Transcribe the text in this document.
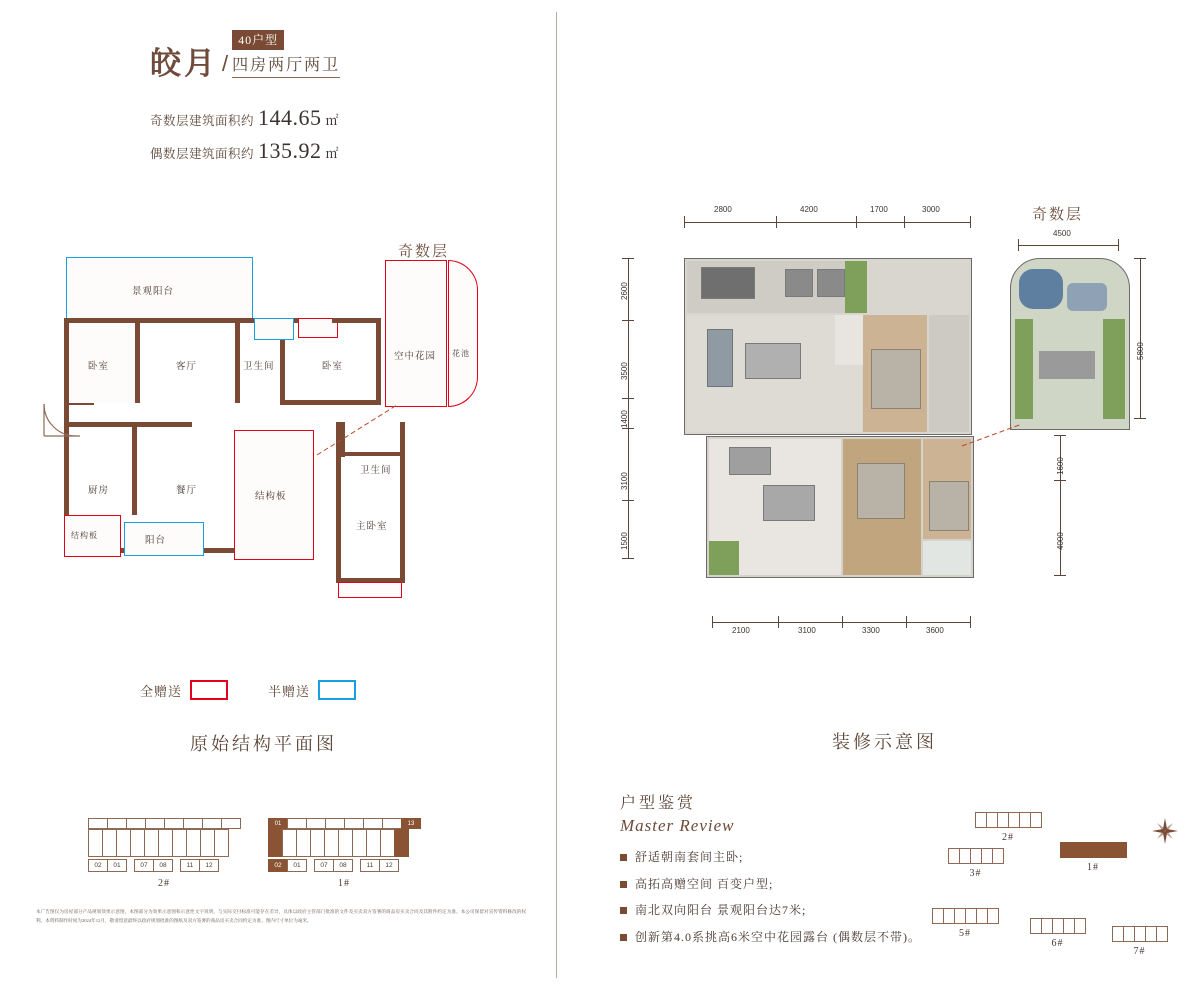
皎月 /
40户型
四房两厅两卫
奇数层建筑面积约 144.65 ㎡
偶数层建筑面积约 135.92 ㎡
奇数层
景观阳台
卧室	客厅	卫生间	卧室
空中花园 花池
厨房	餐厅
结构板
卫生间
结构板
阳台
主卧室
全赠送	半赠送
原始结构平面图
02	01	07	08	11	12
2#
01	13
02	01	07	08	11	12
1#
本广告图仅为房屋部分产品规划效果示意图，本图部分为效果示意图和示意性文字说明，与实际交付标准可能存在差异，具体以政府主管部门批准的文件及买卖双方签署的商品房买卖合同及其附件约定为准。本公司保留对宣传资料修改的权利。本资料制作时间为2024年12月，敬请留意最终以政府规划批准的图纸及双方签署的商品房买卖合同约定为准。图内尺寸单位为毫米。
奇数层
2800	4200	1700	3000
4500
2600
3500
1400
3100
1500
5800
1600
4000
2100	3100	3300	3600
装修示意图
户型鉴赏
Master Review
舒适朝南套间主卧;
高拓高赠空间 百变户型;
南北双向阳台 景观阳台达7米;
创新第4.0系挑高6米空中花园露台 (偶数层不带)。
2#
3#
1#
5#
6#
7#
